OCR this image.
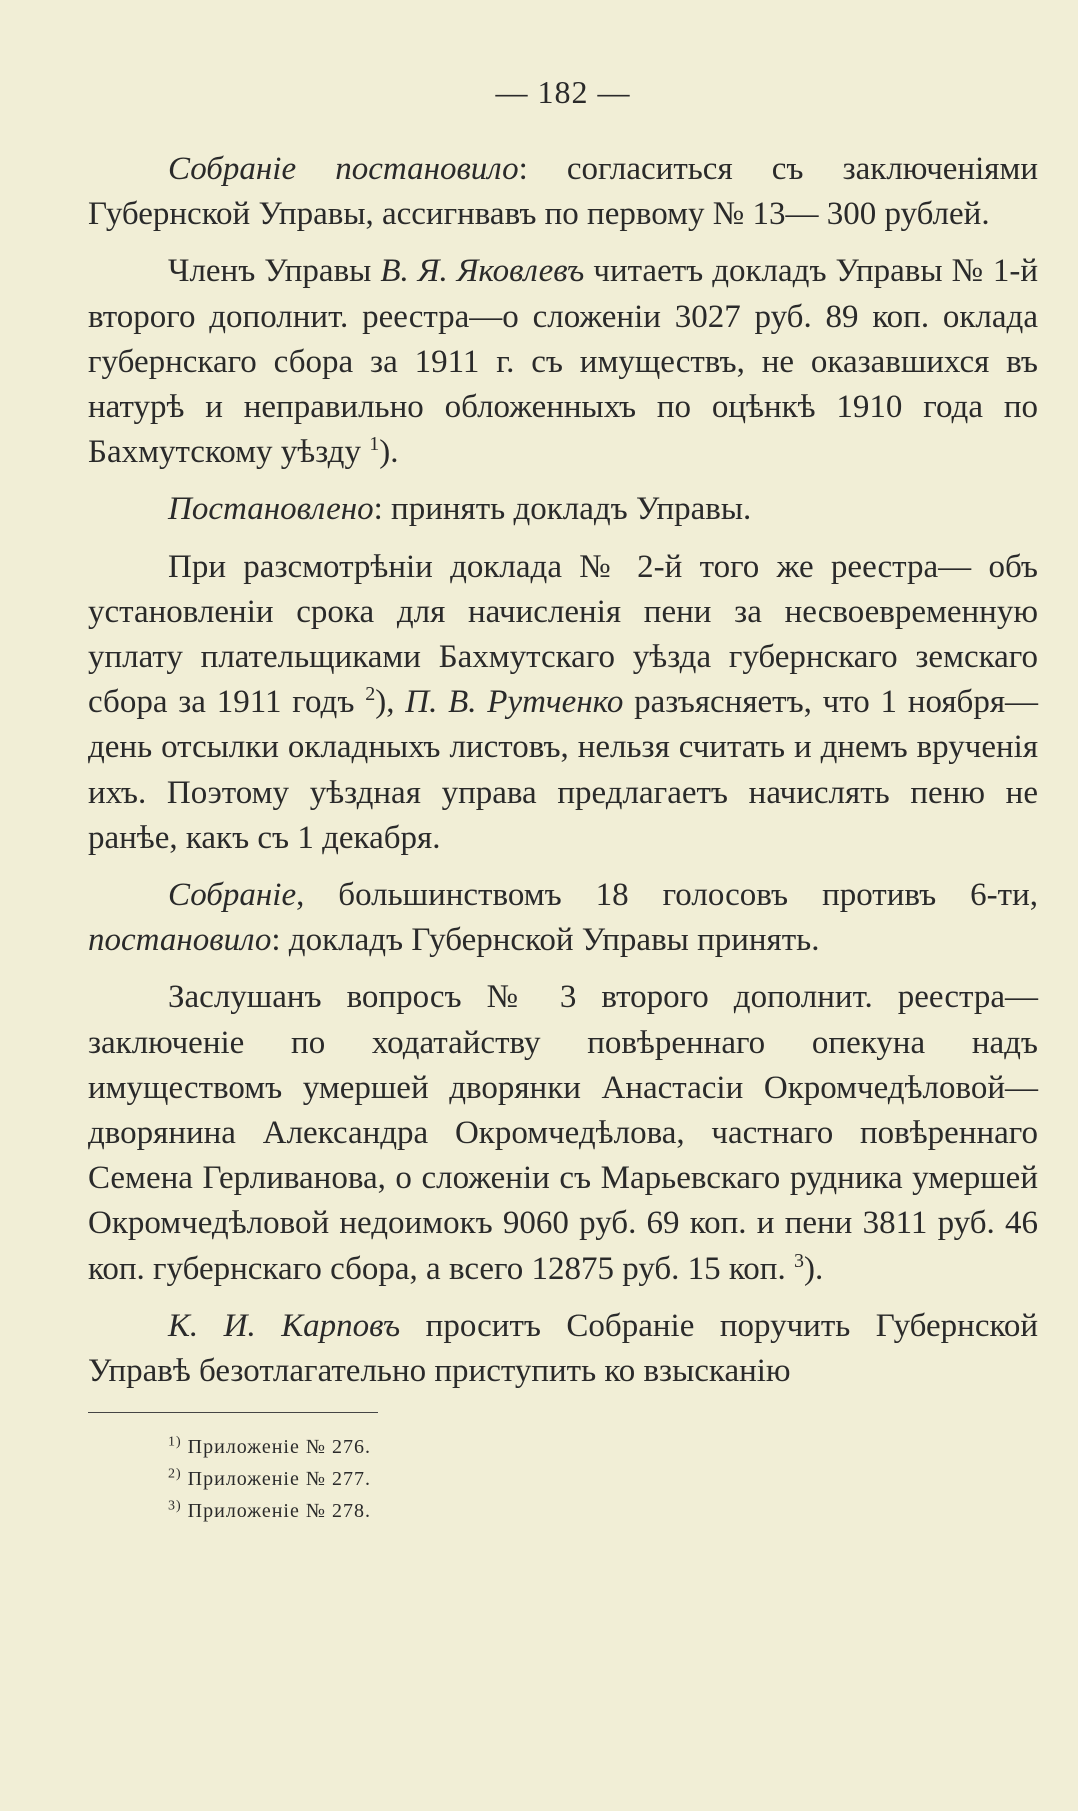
— 182 —

Собраніе постановило: согласиться съ заключеніями Губернской Управы, ассигнвавъ по первому № 13— 300 рублей.

Членъ Управы В. Я. Яковлевъ читаетъ докладъ Управы № 1-й второго дополнит. реестра—о сложеніи 3027 руб. 89 коп. оклада губернскаго сбора за 1911 г. съ имуществъ, не оказавшихся въ натурѣ и неправильно обложенныхъ по оцѣнкѣ 1910 года по Бахмутскому уѣзду $^1$).

Постановлено: принять докладъ Управы.

При разсмотрѣніи доклада № 2-й того же реестра— объ установленіи срока для начисленія пени за несвоевременную уплату плательщиками Бахмутскаго уѣзда губернскаго земскаго сбора за 1911 годъ $^2$), П. В. Рутченко разъясняетъ, что 1 ноября—день отсылки окладныхъ листовъ, нельзя считать и днемъ врученія ихъ. Поэтому уѣздная управа предлагаетъ начислять пеню не ранѣе, какъ съ 1 декабря.

Собраніе, большинствомъ 18 голосовъ противъ 6-ти, постановило: докладъ Губернской Управы принять.

Заслушанъ вопросъ № 3 второго дополнит. реестра—заключеніе по ходатайству повѣреннаго опекуна надъ имуществомъ умершей дворянки Анастасіи Окромчедѣловой—дворянина Александра Окромчедѣлова, частнаго повѣреннаго Семена Герливанова, о сложеніи съ Марьевскаго рудника умершей Окромчедѣловой недоимокъ 9060 руб. 69 коп. и пени 3811 руб. 46 коп. губернскаго сбора, а всего 12875 руб. 15 коп. $^3$).

К. И. Карповъ проситъ Собраніе поручить Губернской Управѣ безотлагательно приступить ко взысканію

$^{1)}$ Приложеніе № 276.
$^{2)}$ Приложеніе № 277.
$^{3)}$ Приложеніе № 278.
